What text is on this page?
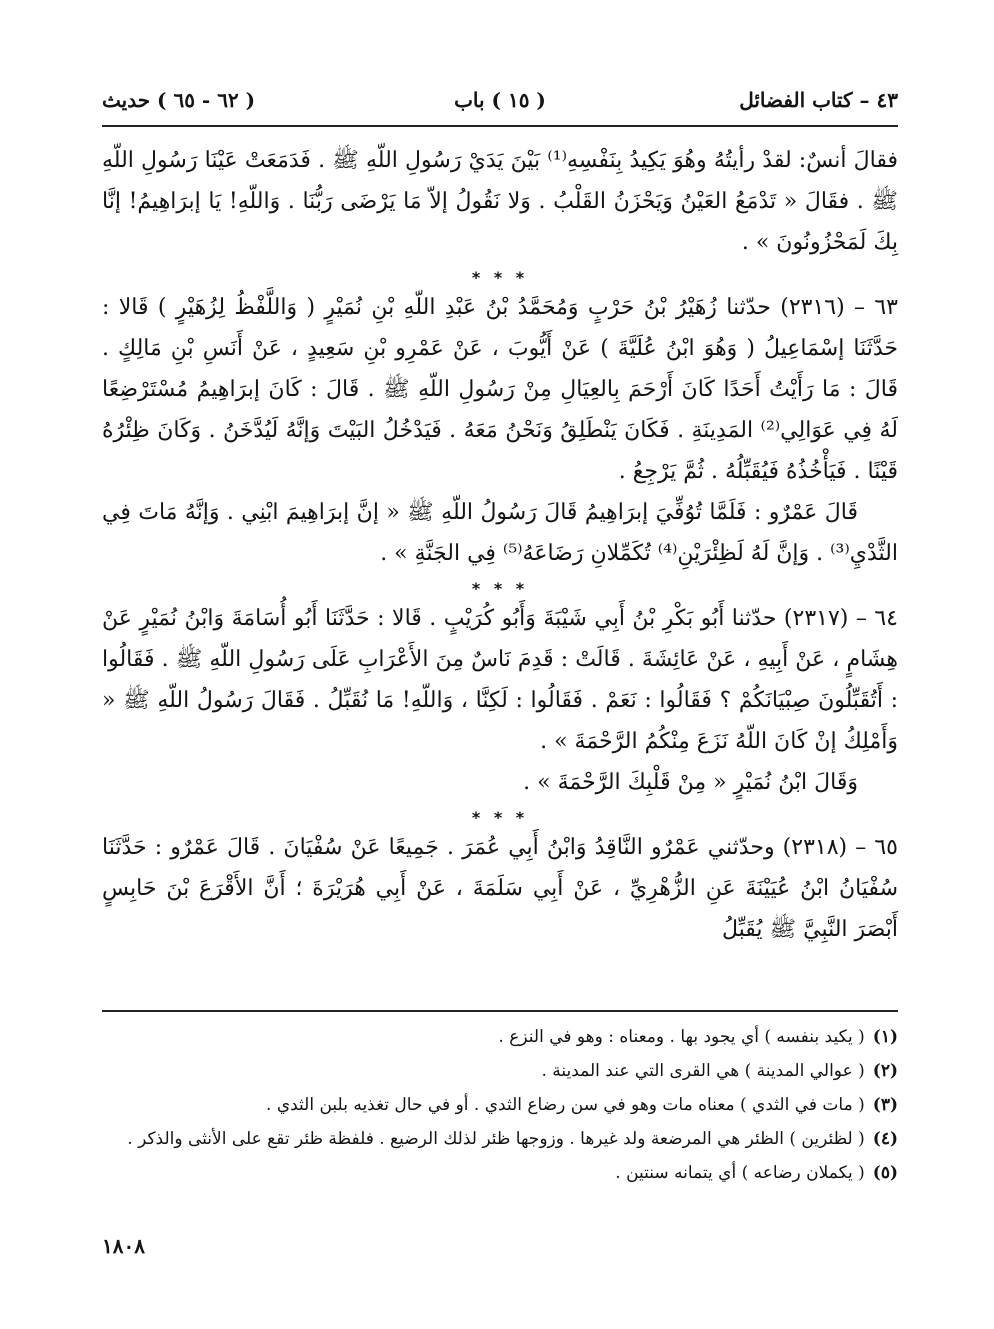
٤٣ – كتاب الفضائل
( ١٥ ) باب
( ٦٢ - ٦٥ ) حديث

فقالَ أنسٌ: لقدْ رأيتُهُ وهُوَ يَكِيدُ بِنَفْسِهِ⁽¹⁾ بَيْنَ يَدَيْ رَسُولِ اللّهِ ﷺ . فَدَمَعَتْ عَيْنَا رَسُولِ اللّهِ ﷺ . فقَالَ « تَدْمَعُ العَيْنُ وَيَحْزَنُ القَلْبُ . وَلا نَقُولُ إلاّ مَا يَرْضَى رَبُّنَا . وَاللّهِ! يَا إبرَاهِيمُ! إنَّا بِكَ لَمَحْزُونُونَ » .

* * *

٦٣ – (٢٣١٦) حدّثنا زُهَيْرُ بْنُ حَرْبٍ وَمُحَمَّدُ بْنُ عَبْدِ اللّهِ بْنِ نُمَيْرٍ ( وَاللَّفْظُ لِزُهَيْرٍ ) قَالا : حَدَّثَنَا إسْمَاعِيلُ ( وَهُوَ ابْنُ عُلَيَّةَ ) عَنْ أَيُّوبَ ، عَنْ عَمْرِو بْنِ سَعِيدٍ ، عَنْ أَنَسِ بْنِ مَالِكٍ . قَالَ : مَا رَأَيْتُ أَحَدًا كَانَ أَرْحَمَ بِالعِيَالِ مِنْ رَسُولِ اللّهِ ﷺ . قَالَ : كَانَ إبرَاهِيمُ مُسْتَرْضِعًا لَهُ فِي عَوَالِي⁽²⁾ المَدِينَةِ . فَكَانَ يَنْطَلِقُ وَنَحْنُ مَعَهُ . فَيَدْخُلُ البَيْتَ وَإنَّهُ لَيُدَّخَنُ . وَكَانَ ظِئْرُهُ قَيْنًا . فَيَأْخُذُهُ فَيُقَبِّلُهُ . ثُمَّ يَرْجِعُ .

قَالَ عَمْرٌو : فَلَمَّا تُوُفِّيَ إبرَاهِيمُ قَالَ رَسُولُ اللّهِ ﷺ « إنَّ إبرَاهِيمَ ابْنِي . وَإنَّهُ مَاتَ فِي الثَّدْيِ⁽³⁾ . وَإنَّ لَهُ لَظِئْرَيْنِ⁽⁴⁾ تُكَمِّلانِ رَضَاعَهُ⁽⁵⁾ فِي الجَنَّةِ » .

* * *

٦٤ – (٢٣١٧) حدّثنا أَبُو بَكْرِ بْنُ أَبِي شَيْبَةَ وَأَبُو كُرَيْبٍ . قَالا : حَدَّثَنَا أَبُو أُسَامَةَ وَابْنُ نُمَيْرٍ عَنْ هِشَامٍ ، عَنْ أَبِيهِ ، عَنْ عَائِشَةَ . قَالَتْ : قَدِمَ نَاسٌ مِنَ الأَعْرَابِ عَلَى رَسُولِ اللّهِ ﷺ . فَقَالُوا : أَتُقَبِّلُونَ صِبْيَانَكُمْ ؟ فَقَالُوا : نَعَمْ . فَقَالُوا : لَكِنَّا ، وَاللّهِ! مَا نُقَبِّلُ . فَقَالَ رَسُولُ اللّهِ ﷺ « وَأَمْلِكُ إنْ كَانَ اللّهُ نَزَعَ مِنْكُمُ الرَّحْمَةَ » .

وَقَالَ ابْنُ نُمَيْرٍ « مِنْ قَلْبِكَ الرَّحْمَةَ » .

* * *

٦٥ – (٢٣١٨) وحدّثني عَمْرٌو النَّاقِدُ وَابْنُ أَبِي عُمَرَ . جَمِيعًا عَنْ سُفْيَانَ . قَالَ عَمْرٌو : حَدَّثَنَا سُفْيَانُ ابْنُ عُيَيْنَةَ عَنِ الزُّهْرِيِّ ، عَنْ أَبِي سَلَمَةَ ، عَنْ أَبِي هُرَيْرَةَ ؛ أَنَّ الأَقْرَعَ بْنَ حَابِسٍ أَبْصَرَ النَّبِيَّ ﷺ يُقَبِّلُ

(١)( يكيد بنفسه ) أي يجود بها . ومعناه : وهو في النزع .
(٢)( عوالي المدينة ) هي القرى التي عند المدينة .
(٣)( مات في الثدي ) معناه مات وهو في سن رضاع الثدي . أو في حال تغذيه بلبن الثدي .
(٤)( لظئرين ) الظئر هي المرضعة ولد غيرها . وزوجها ظئر لذلك الرضيع . فلفظة ظئر تقع على الأنثى والذكر .
(٥)( يكملان رضاعه ) أي يتمانه سنتين .
١٨٠٨
